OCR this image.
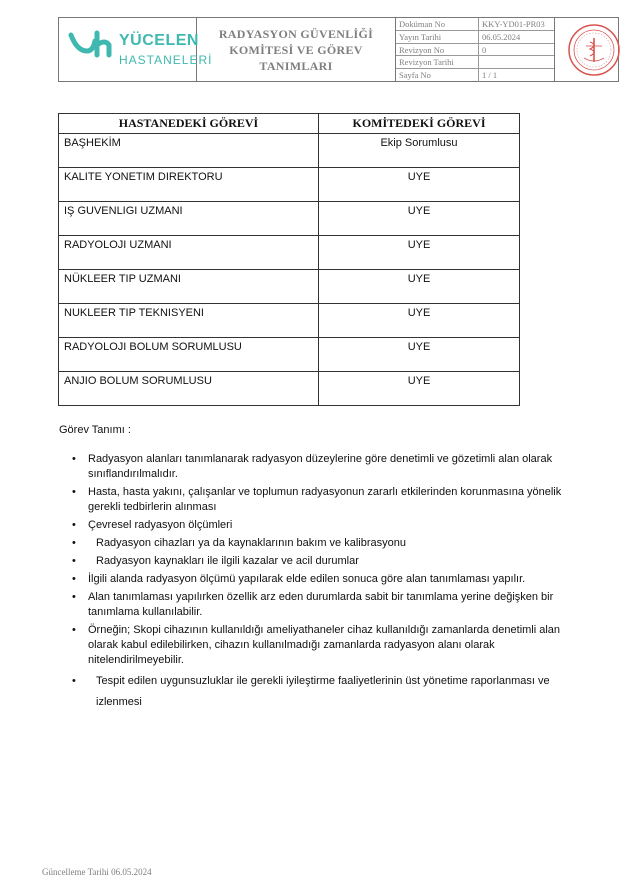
YÜCELEN
HASTANELERİ
RADYASYON GÜVENLİĞİ
KOMİTESİ VE GÖREV
TANIMLARI
Doküman No	KKY-YD01-PR03
Yayın Tarihi	06.05.2024
Revizyon No	0
Revizyon Tarihi
Sayfa No	1 / 1
HASTANEDEKİ GÖREVİ	KOMİTEDEKİ GÖREVİ
BAŞHEKİM	Ekip Sorumlusu
KALITE YONETIM DIREKTORU	UYE
IŞ GUVENLIGI UZMANI	UYE
RADYOLOJI UZMANI	UYE
NÜKLEER TIP UZMANI	UYE
NUKLEER TIP TEKNISYENI	UYE
RADYOLOJI BOLUM SORUMLUSU	UYE
ANJIO BOLUM SORUMLUSU	UYE
Görev Tanımı :
• Radyasyon alanları tanımlanarak radyasyon düzeylerine göre denetimli ve gözetimli alan olarak sınıflandırılmalıdır.
• Hasta, hasta yakını, çalışanlar ve toplumun radyasyonun zararlı etkilerinden korunmasına yönelik gerekli tedbirlerin alınması
• Çevresel radyasyon ölçümleri
• Radyasyon cihazları ya da kaynaklarının bakım ve kalibrasyonu
• Radyasyon kaynakları ile ilgili kazalar ve acil durumlar
• İlgili alanda radyasyon ölçümü yapılarak elde edilen sonuca göre alan tanımlaması yapılır.
• Alan tanımlaması yapılırken özellik arz eden durumlarda sabit bir tanımlama yerine değişken bir tanımlama kullanılabilir.
• Örneğin; Skopi cihazının kullanıldığı ameliyathaneler cihaz kullanıldığı zamanlarda denetimli alan olarak kabul edilebilirken, cihazın kullanılmadığı zamanlarda radyasyon alanı olarak nitelendirilmeyebilir.
• Tespit edilen uygunsuzluklar ile gerekli iyileştirme faaliyetlerinin üst yönetime raporlanması ve izlenmesi
Güncelleme Tarihi 06.05.2024
